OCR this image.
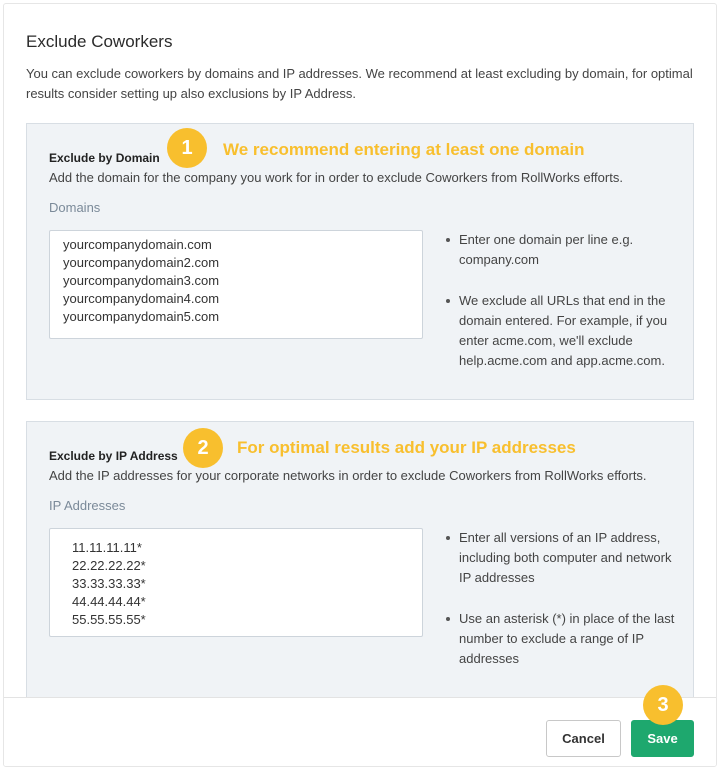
Exclude Coworkers
You can exclude coworkers by domains and IP addresses. We recommend at least excluding by domain, for optimal results consider setting up also exclusions by IP Address.
Exclude by Domain
Add the domain for the company you work for in order to exclude Coworkers from RollWorks efforts.
Domains
yourcompanydomain.com
yourcompanydomain2.com
yourcompanydomain3.com
yourcompanydomain4.com
yourcompanydomain5.com
Enter one domain per line e.g. company.com
We exclude all URLs that end in the domain entered. For example, if you enter acme.com, we'll exclude help.acme.com and app.acme.com.
1	We recommend entering at least one domain
Exclude by IP Address
Add the IP addresses for your corporate networks in order to exclude Coworkers from RollWorks efforts.
IP Addresses
11.11.11.11*
22.22.22.22*
33.33.33.33*
44.44.44.44*
55.55.55.55*
Enter all versions of an IP address, including both computer and network IP addresses
Use an asterisk (*) in place of the last number to exclude a range of IP addresses
2	For optimal results add your IP addresses
Cancel	Save
3
